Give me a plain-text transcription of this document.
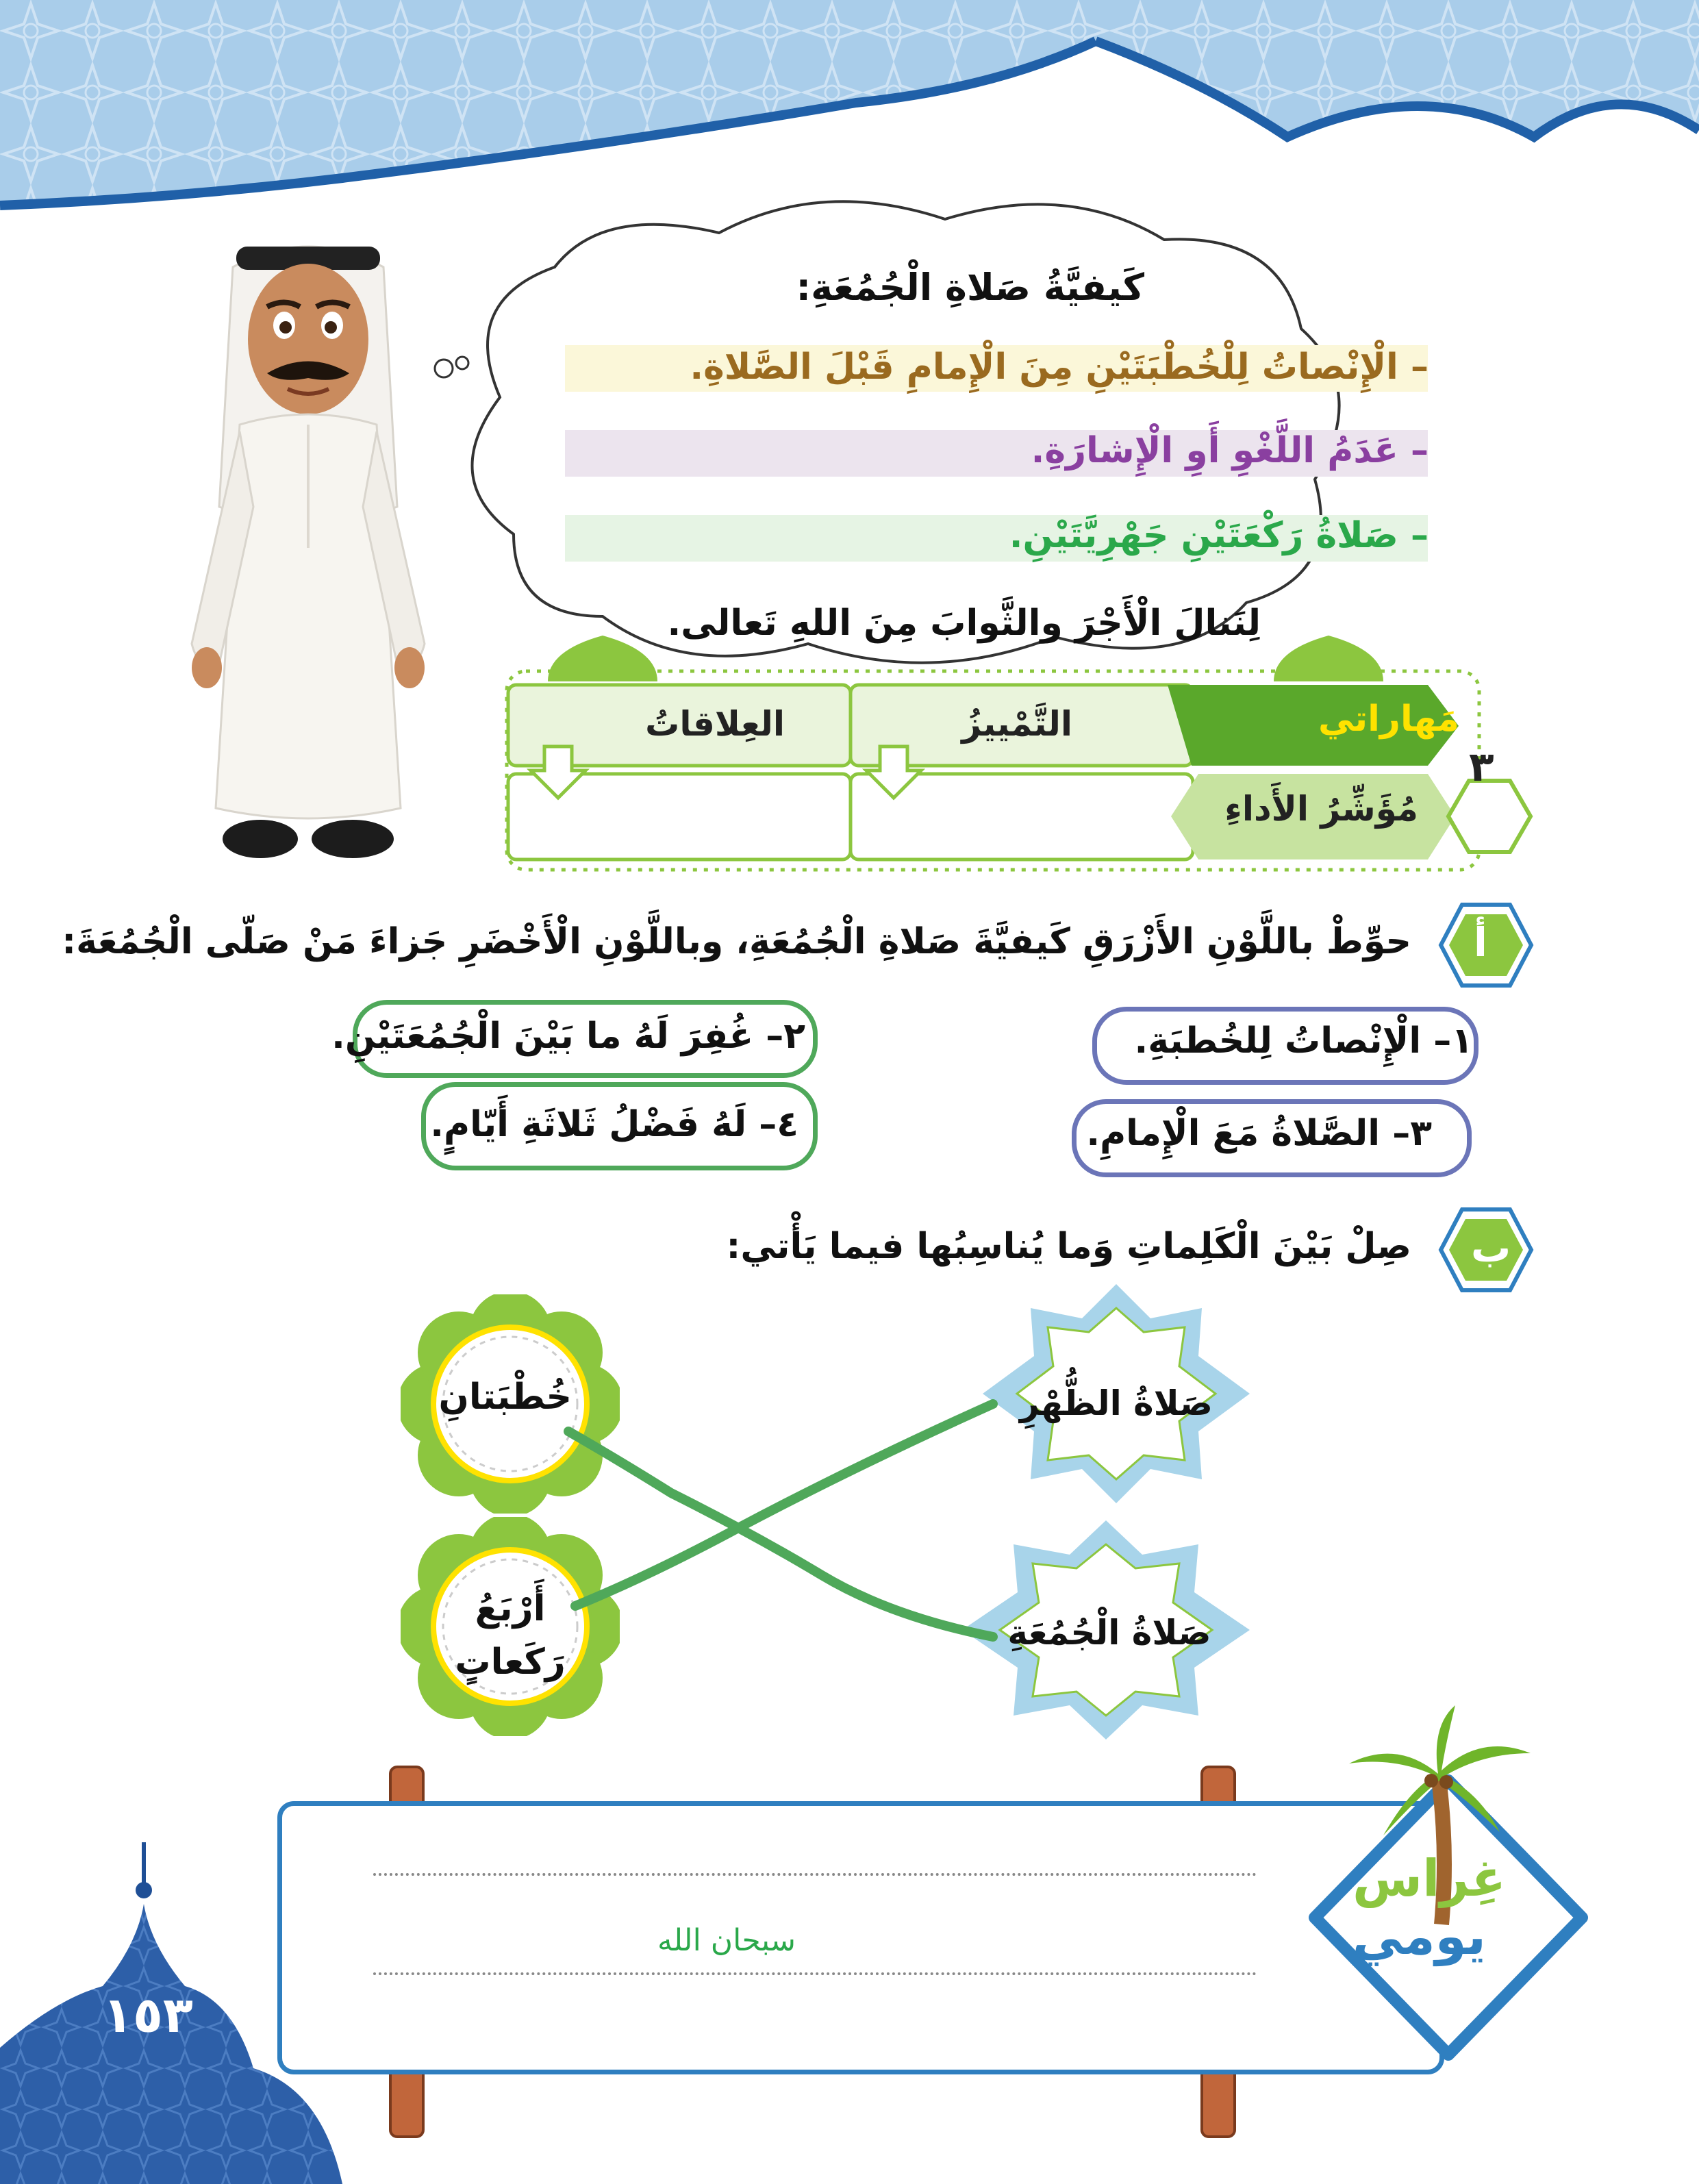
كَيفيَّةُ صَلاةِ الْجُمُعَةِ:
– الْإِنْصاتُ لِلْخُطْبَتَيْنِ مِنَ الْإِمامِ قَبْلَ الصَّلاةِ.
– عَدَمُ اللَّغْوِ أَوِ الْإِشارَةِ.
– صَلاةُ رَكْعَتَيْنِ جَهْرِيَّتَيْنِ.
لِنَنالَ الْأَجْرَ والثَّوابَ مِنَ اللهِ تَعالى.
٣
مَهاراتي
مُؤَشِّرُ الأَداءِ
التَّمْييزُ
العِلاقاتُ
أ
حوِّطْ باللَّوْنِ الأَزْرَقِ كَيفيَّةَ صَلاةِ الْجُمُعَةِ، وباللَّوْنِ الْأَخْضَرِ جَزاءَ مَنْ صَلّى الْجُمُعَةَ:
١– الْإِنْصاتُ لِلخُطبَةِ.
٢– غُفِرَ لَهُ ما بَيْنَ الْجُمُعَتَيْنِ.
٣– الصَّلاةُ مَعَ الْإِمامِ.
٤– لَهُ فَضْلُ ثَلاثَةِ أَيّامٍ.
ب
صِلْ بَيْنَ الْكَلِماتِ وَما يُناسِبُها فيما يَأْتي:
خُطْبَتانِ
أَرْبَعُ رَكَعاتٍ
صَلاةُ الظُّهْرِ
صَلاةُ الْجُمُعَةِ
سبحان الله
غِراس
يومي
١٥٣
